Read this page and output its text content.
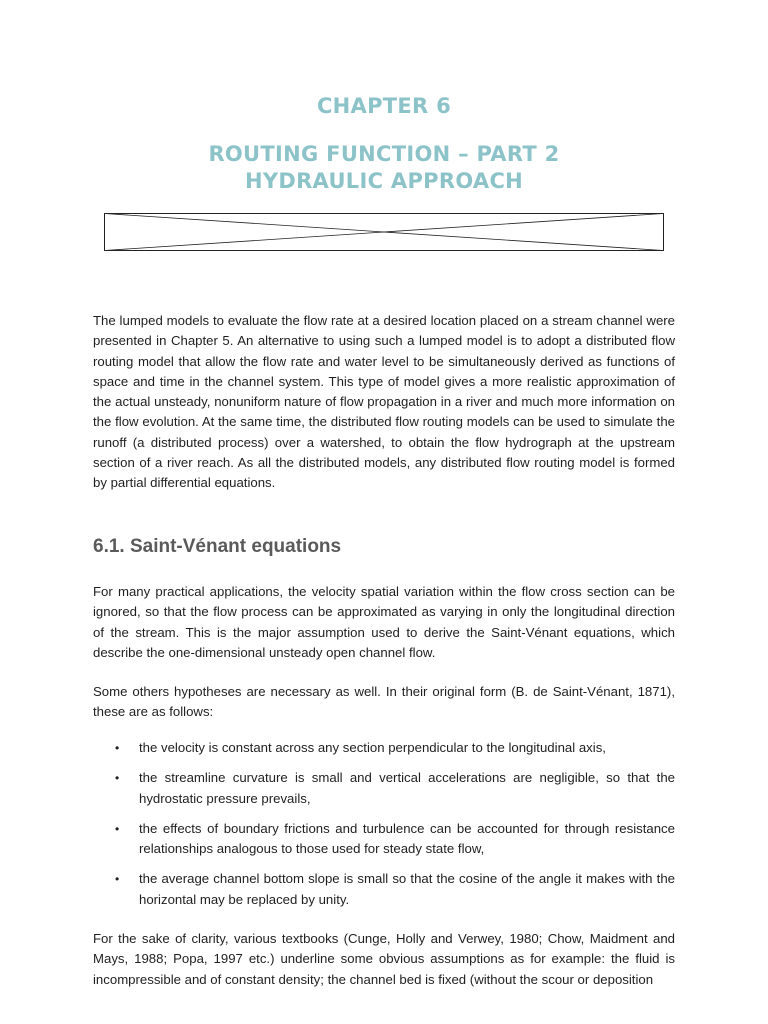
CHAPTER 6
ROUTING FUNCTION – PART 2
HYDRAULIC APPROACH

The lumped models to evaluate the flow rate at a desired location placed on a stream channel were presented in Chapter 5. An alternative to using such a lumped model is to adopt a distributed flow routing model that allow the flow rate and water level to be simultaneously derived as functions of space and time in the channel system. This type of model gives a more realistic approximation of the actual unsteady, nonuniform nature of flow propagation in a river and much more information on the flow evolution. At the same time, the distributed flow routing models can be used to simulate the runoff (a distributed process) over a watershed, to obtain the flow hydrograph at the upstream section of a river reach. As all the distributed models, any distributed flow routing model is formed by partial differential equations.

6.1. Saint-Vénant equations

For many practical applications, the velocity spatial variation within the flow cross section can be ignored, so that the flow process can be approximated as varying in only the longitudinal direction of the stream. This is the major assumption used to derive the Saint-Vénant equations, which describe the one-dimensional unsteady open channel flow.

Some others hypotheses are necessary as well. In their original form (B. de Saint-Vénant, 1871), these are as follows:

• the velocity is constant across any section perpendicular to the longitudinal axis,
• the streamline curvature is small and vertical accelerations are negligible, so that the hydrostatic pressure prevails,
• the effects of boundary frictions and turbulence can be accounted for through resistance relationships analogous to those used for steady state flow,
• the average channel bottom slope is small so that the cosine of the angle it makes with the horizontal may be replaced by unity.

For the sake of clarity, various textbooks (Cunge, Holly and Verwey, 1980; Chow, Maidment and Mays, 1988; Popa, 1997 etc.) underline some obvious assumptions as for example: the fluid is incompressible and of constant density; the channel bed is fixed (without the scour or deposition
